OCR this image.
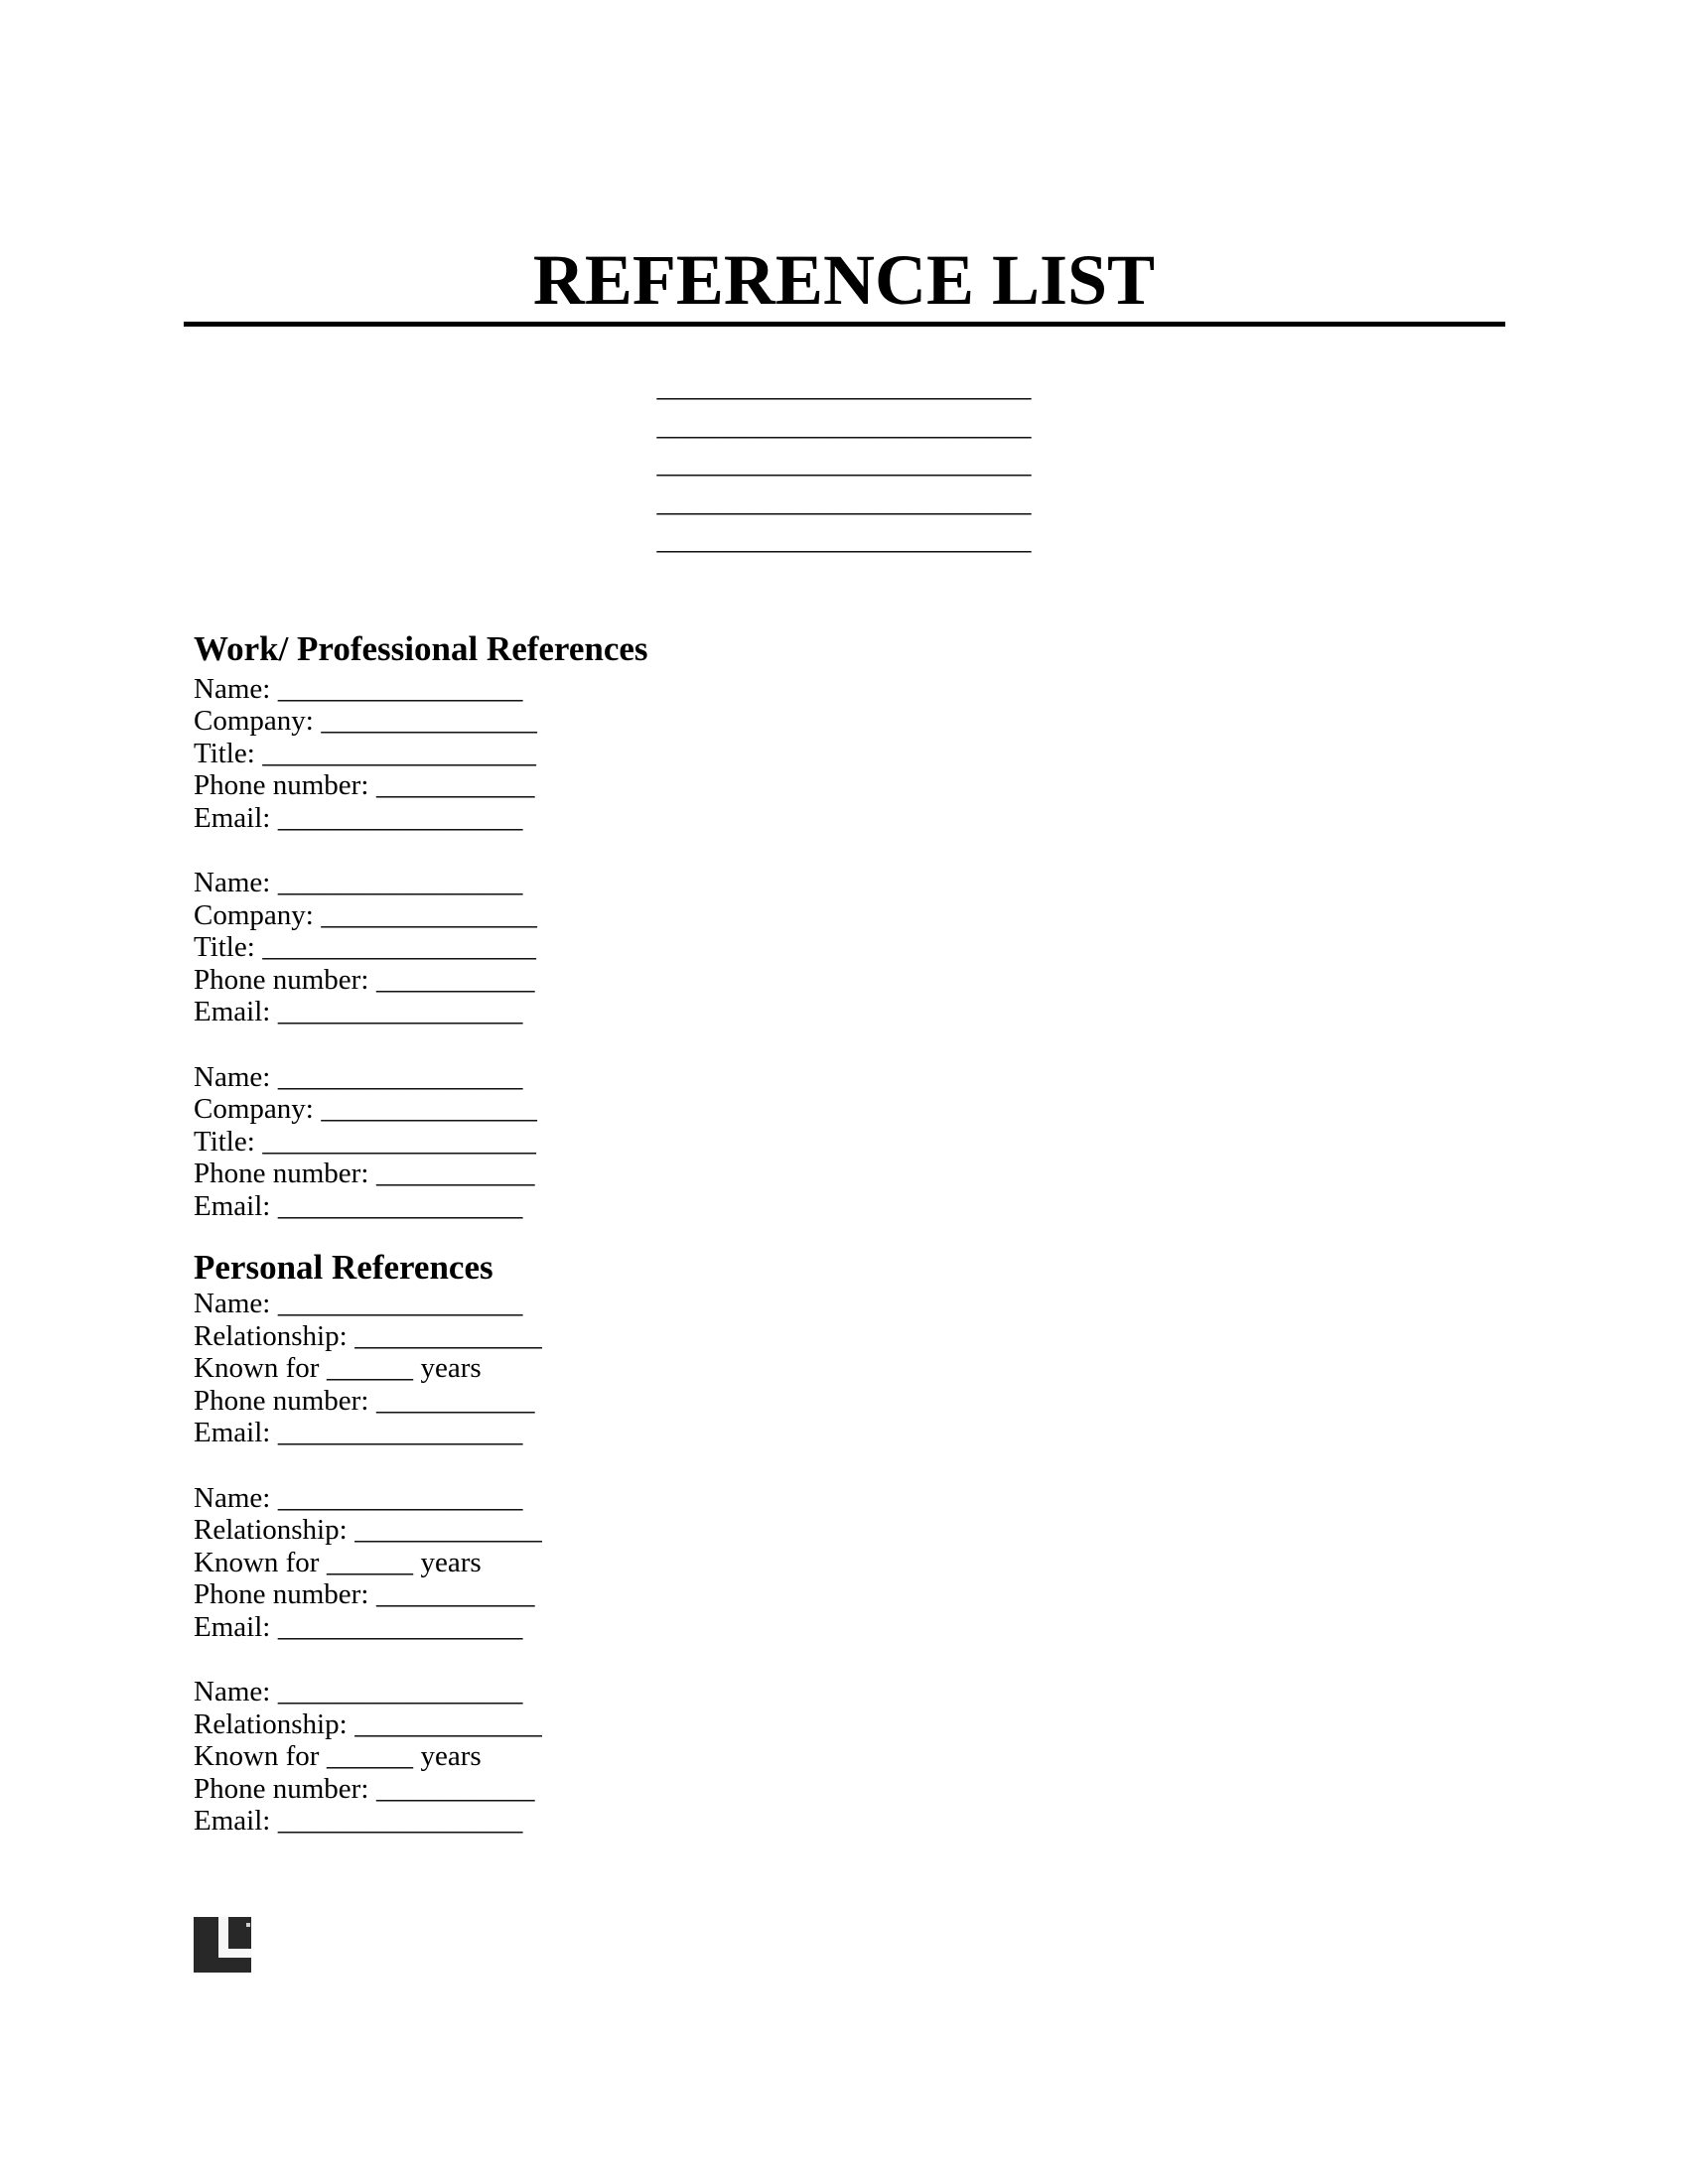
REFERENCE LIST
__________________________
__________________________
__________________________
__________________________
__________________________
Work/ Professional References

Name: _________________

Company: _______________

Title: ___________________

Phone number: ___________

Email: _________________

Name: _________________

Company: _______________

Title: ___________________

Phone number: ___________

Email: _________________

Name: _________________

Company: _______________

Title: ___________________

Phone number: ___________

Email: _________________

Personal References

Name: _________________

Relationship: _____________

Known for ______ years

Phone number: ___________

Email: _________________

Name: _________________

Relationship: _____________

Known for ______ years

Phone number: ___________

Email: _________________

Name: _________________

Relationship: _____________

Known for ______ years

Phone number: ___________

Email: _________________
